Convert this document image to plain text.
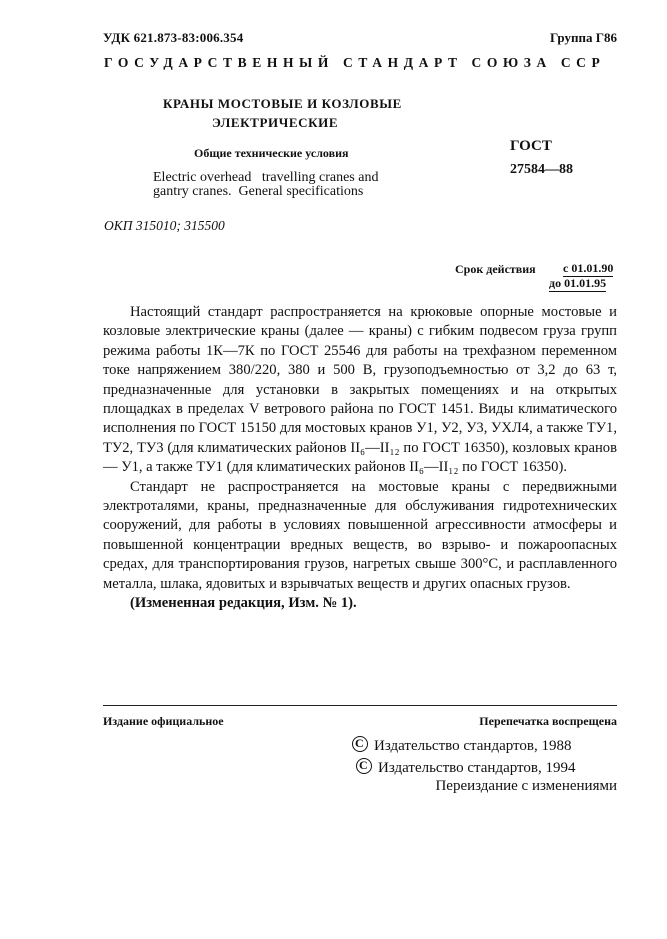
УДК 621.873-83:006.354	Группа Г86
ГОСУДАРСТВЕННЫЙ СТАНДАРТ СОЮЗА ССР
КРАНЫ МОСТОВЫЕ И КОЗЛОВЫЕ
ЭЛЕКТРИЧЕСКИЕ
Общие технические условия
Electric overhead   travelling cranes and
gantry cranes.  General specifications
ГОСТ
27584—88
ОКП 315010; 315500
Срок действия с 01.01.90
до 01.01.95

Настоящий стандарт распространяется на крюковые опорные мостовые и козловые электрические краны (далее — краны) с гибким подвесом груза групп режима работы 1К—7К по ГОСТ 25546 для работы на трехфазном переменном токе напряжением 380/220, 380 и 500 В, грузоподъемностью от 3,2 до 63 т, предназначенные для установки в закрытых помещениях и на открытых площадках в пределах V ветрового района по ГОСТ 1451. Виды климатического исполнения по ГОСТ 15150 для мостовых кранов У1, У2, У3, УХЛ4, а также ТУ1, ТУ2, ТУ3 (для климатических районов II₆—II₁₂ по ГОСТ 16350), козловых кранов — У1, а также ТУ1 (для климатических районов II₆—II₁₂ по ГОСТ 16350).

Стандарт не распространяется на мостовые краны с передвижными электроталями, краны, предназначенные для обслуживания гидротехнических сооружений, для работы в условиях повышенной агрессивности атмосферы и повышенной концентрации вредных веществ, во взрыво- и пожароопасных средах, для транспортирования грузов, нагретых свыше 300°С, и расплавленного металла, шлака, ядовитых и взрывчатых веществ и других опасных грузов.

(Измененная редакция, Изм. № 1).

Издание официальное	Перепечатка воспрещена
CИздательство стандартов, 1988
CИздательство стандартов, 1994
Переиздание с изменениями
